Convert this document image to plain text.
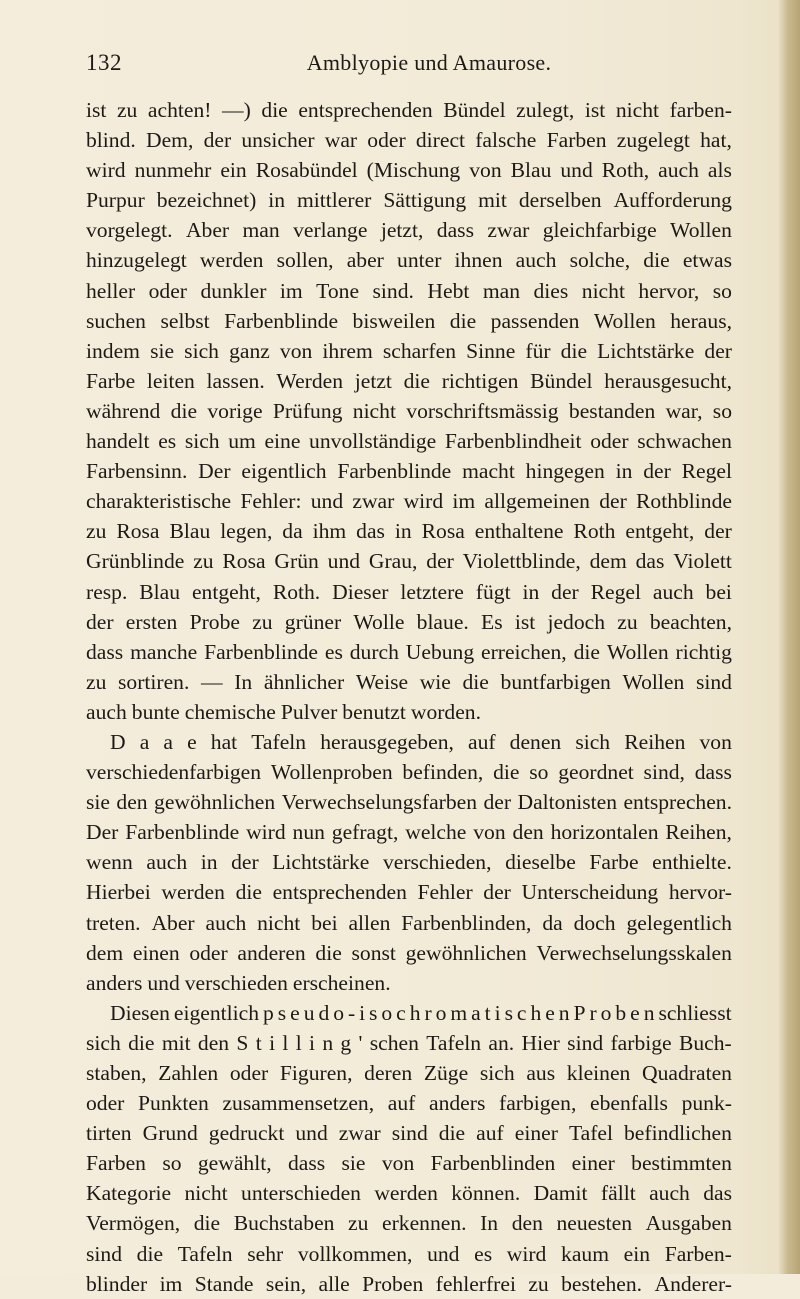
132	Amblyopie und Amaurose.
ist zu achten! —) die entsprechenden Bündel zulegt, ist nicht farben-
blind. Dem, der unsicher war oder direct falsche Farben zugelegt hat,
wird nunmehr ein Rosabündel (Mischung von Blau und Roth, auch als
Purpur bezeichnet) in mittlerer Sättigung mit derselben Aufforderung
vorgelegt. Aber man verlange jetzt, dass zwar gleichfarbige Wollen
hinzugelegt werden sollen, aber unter ihnen auch solche, die etwas
heller oder dunkler im Tone sind. Hebt man dies nicht hervor, so
suchen selbst Farbenblinde bisweilen die passenden Wollen heraus,
indem sie sich ganz von ihrem scharfen Sinne für die Lichtstärke der
Farbe leiten lassen. Werden jetzt die richtigen Bündel herausgesucht,
während die vorige Prüfung nicht vorschriftsmässig bestanden war, so
handelt es sich um eine unvollständige Farbenblindheit oder schwachen
Farbensinn. Der eigentlich Farbenblinde macht hingegen in der Regel
charakteristische Fehler: und zwar wird im allgemeinen der Rothblinde
zu Rosa Blau legen, da ihm das in Rosa enthaltene Roth entgeht, der
Grünblinde zu Rosa Grün und Grau, der Violettblinde, dem das Violett
resp. Blau entgeht, Roth. Dieser letztere fügt in der Regel auch bei
der ersten Probe zu grüner Wolle blaue. Es ist jedoch zu beachten,
dass manche Farbenblinde es durch Uebung erreichen, die Wollen richtig
zu sortiren. — In ähnlicher Weise wie die buntfarbigen Wollen sind
auch bunte chemische Pulver benutzt worden.
D a a e hat Tafeln herausgegeben, auf denen sich Reihen von
verschiedenfarbigen Wollenproben befinden, die so geordnet sind, dass
sie den gewöhnlichen Verwechselungsfarben der Daltonisten entsprechen.
Der Farbenblinde wird nun gefragt, welche von den horizontalen Reihen,
wenn auch in der Lichtstärke verschieden, dieselbe Farbe enthielte.
Hierbei werden die entsprechenden Fehler der Unterscheidung hervor-
treten. Aber auch nicht bei allen Farbenblinden, da doch gelegentlich
dem einen oder anderen die sonst gewöhnlichen Verwechselungsskalen
anders und verschieden erscheinen.
Diesen eigentlich p s e u d o - i s o c h r o m a t i s c h e n P r o b e n schliesst
sich die mit den S t i l l i n g ' schen Tafeln an. Hier sind farbige Buch-
staben, Zahlen oder Figuren, deren Züge sich aus kleinen Quadraten
oder Punkten zusammensetzen, auf anders farbigen, ebenfalls punk-
tirten Grund gedruckt und zwar sind die auf einer Tafel befindlichen
Farben so gewählt, dass sie von Farbenblinden einer bestimmten
Kategorie nicht unterschieden werden können. Damit fällt auch das
Vermögen, die Buchstaben zu erkennen. In den neuesten Ausgaben
sind die Tafeln sehr vollkommen, und es wird kaum ein Farben-
blinder im Stande sein, alle Proben fehlerfrei zu bestehen. Anderer-
